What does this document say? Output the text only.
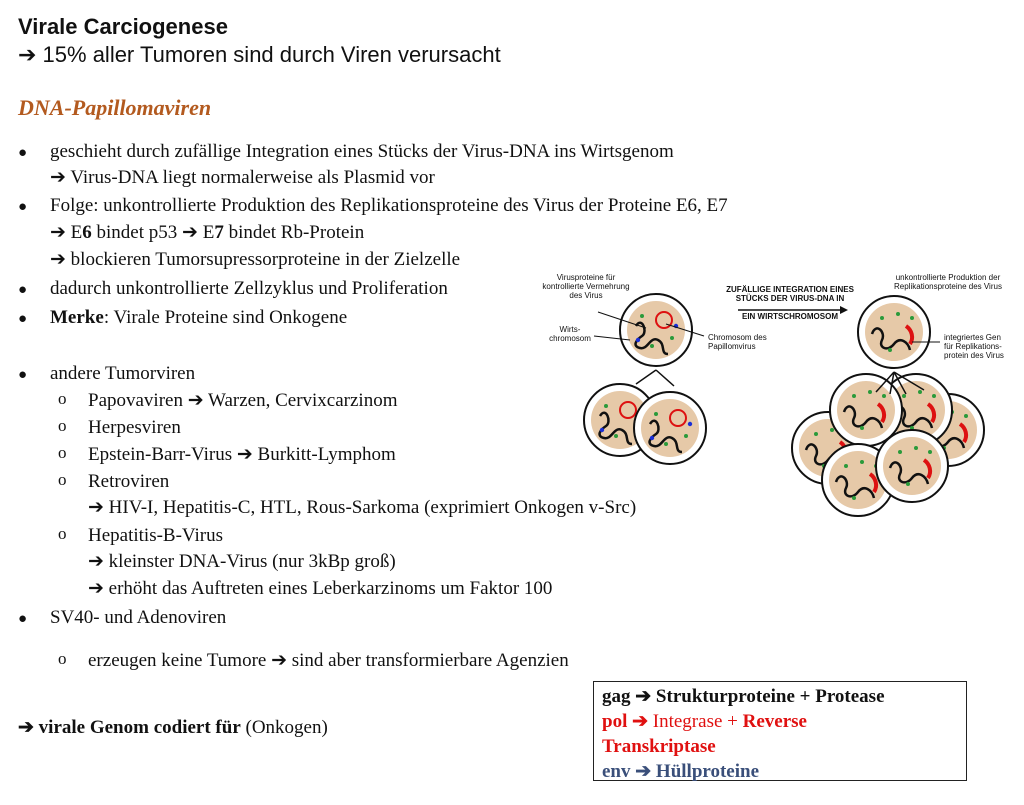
Virale Carciogenese
➔ 15% aller Tumoren sind durch Viren verursacht
DNA-Papillomaviren
● geschieht durch zufällige Integration eines Stücks der Virus-DNA ins Wirtsgenom
➔ Virus-DNA liegt normalerweise als Plasmid vor
● Folge: unkontrollierte Produktion des Replikationsproteine des Virus der Proteine E6, E7
➔ E6 bindet p53 ➔ E7 bindet Rb-Protein
➔ blockieren Tumorsupressorproteine in der Zielzelle
● dadurch unkontrollierte Zellzyklus und Proliferation
● Merke: Virale Proteine sind Onkogene
● andere Tumorviren
o Papovaviren ➔ Warzen, Cervixcarzinom
o Herpesviren
o Epstein-Barr-Virus ➔ Burkitt-Lymphom
o Retroviren
➔ HIV-I, Hepatitis-C, HTL, Rous-Sarkoma (exprimiert Onkogen v-Src)
o Hepatitis-B-Virus
➔ kleinster DNA-Virus (nur 3kBp groß)
➔ erhöht das Auftreten eines Leberkarzinoms um Faktor 100
● SV40- und Adenoviren
o erzeugen keine Tumore ➔ sind aber transformierbare Agenzien
➔ virale Genom codiert für (Onkogen)
gag ➔ Strukturproteine + Protease
pol ➔ Integrase + Reverse
Transkriptase
env ➔ Hüllproteine
Virusproteine für
kontrollierte Vermehrung
des Virus
Wirts-
chromosom	Chromosom des
Papillomvirus
ZUFÄLLIGE INTEGRATION EINES
STÜCKS DER VIRUS-DNA IN
EIN WIRTSCHROMOSOM
unkontrollierte Produktion der
Replikationsproteine des Virus
integriertes Gen
für Replikations-
protein des Virus
